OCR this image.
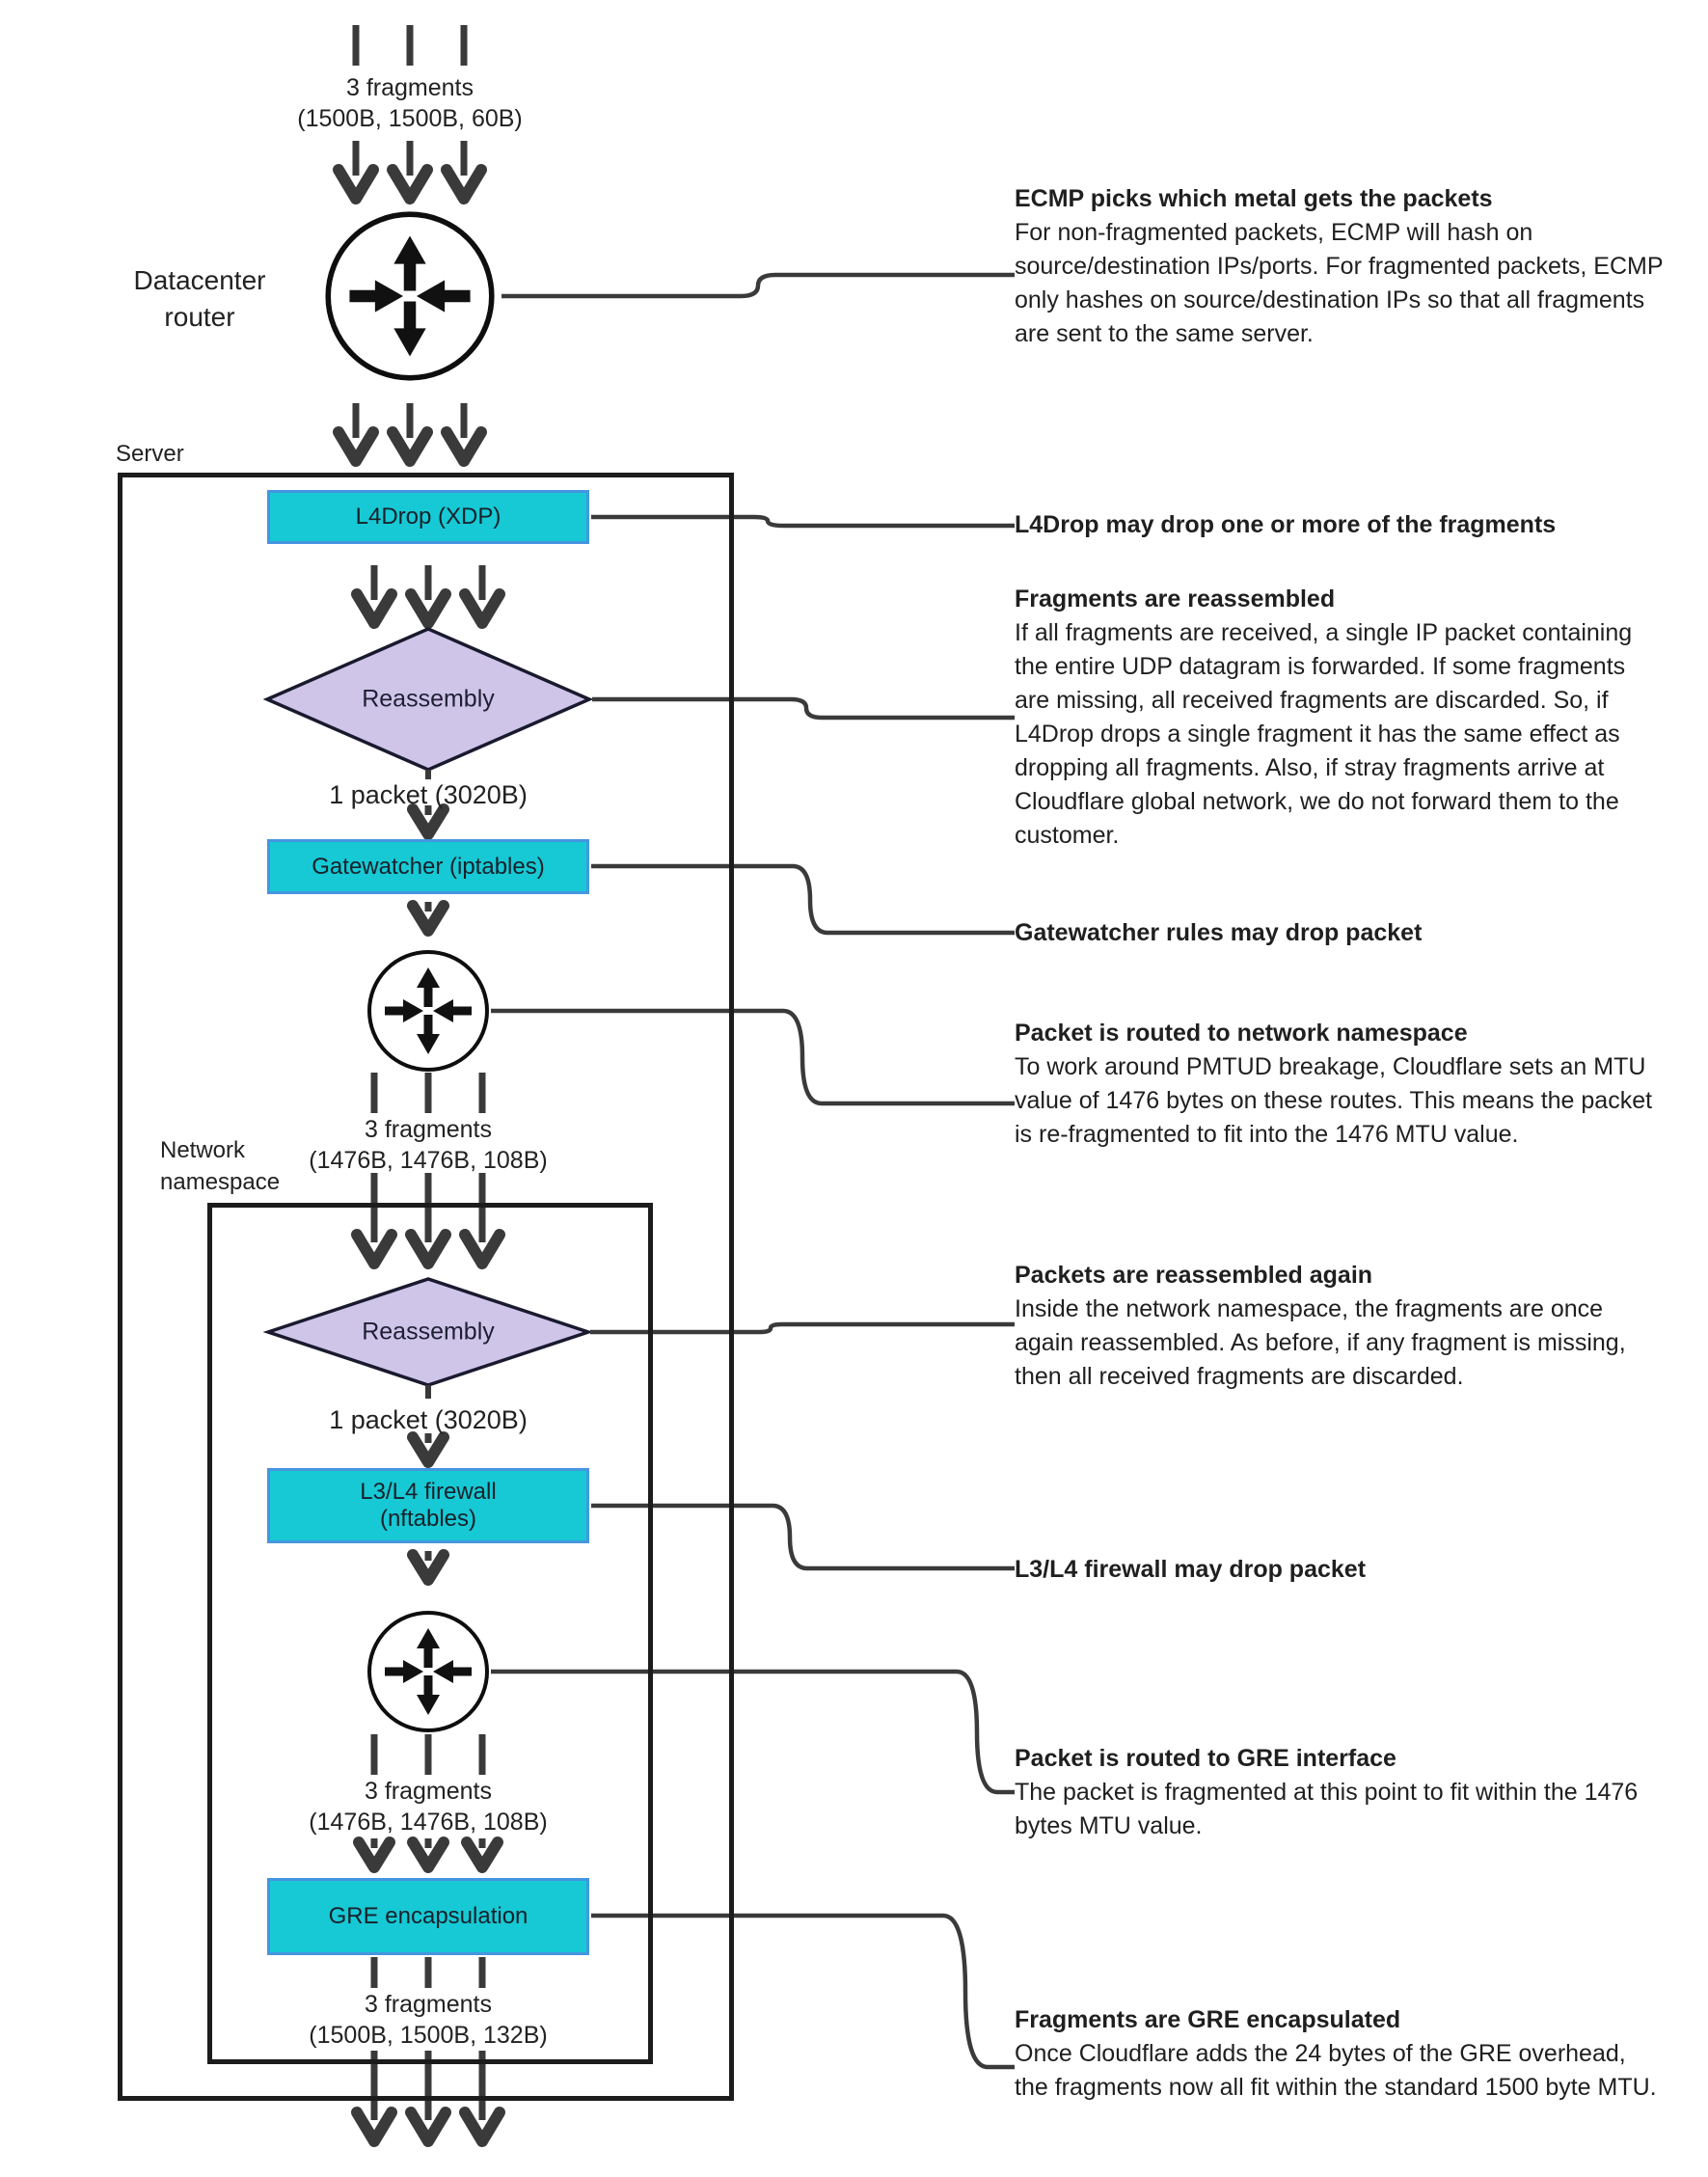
Server
Network namespace
Datacenter router
3 fragments
(1500B, 1500B, 60B)
1 packet (3020B)
3 fragments
(1476B, 1476B, 108B)
1 packet (3020B)
3 fragments
(1476B, 1476B, 108B)
3 fragments
(1500B, 1500B, 132B)
L4Drop (XDP)
Gatewatcher (iptables)
L3/L4 firewall
(nftables)
GRE encapsulation
Reassembly
Reassembly
ECMP picks which metal gets the packets
For non-fragmented packets, ECMP will hash on source/destination IPs/ports. For fragmented packets, ECMP only hashes on source/destination IPs so that all fragments are sent to the same server.
L4Drop may drop one or more of the fragments
Fragments are reassembled
If all fragments are received, a single IP packet containing the entire UDP datagram is forwarded. If some fragments are missing, all received fragments are discarded. So, if L4Drop drops a single fragment it has the same effect as dropping all fragments. Also, if stray fragments arrive at Cloudflare global network, we do not forward them to the customer.
Gatewatcher rules may drop packet
Packet is routed to network namespace
To work around PMTUD breakage, Cloudflare sets an MTU value of 1476 bytes on these routes. This means the packet is re-fragmented to fit into the 1476 MTU value.
Packets are reassembled again
Inside the network namespace, the fragments are once again reassembled. As before, if any fragment is missing, then all received fragments are discarded.
L3/L4 firewall may drop packet
Packet is routed to GRE interface
The packet is fragmented at this point to fit within the 1476 bytes MTU value.
Fragments are GRE encapsulated
Once Cloudflare adds the 24 bytes of the GRE overhead, the fragments now all fit within the standard 1500 byte MTU.
